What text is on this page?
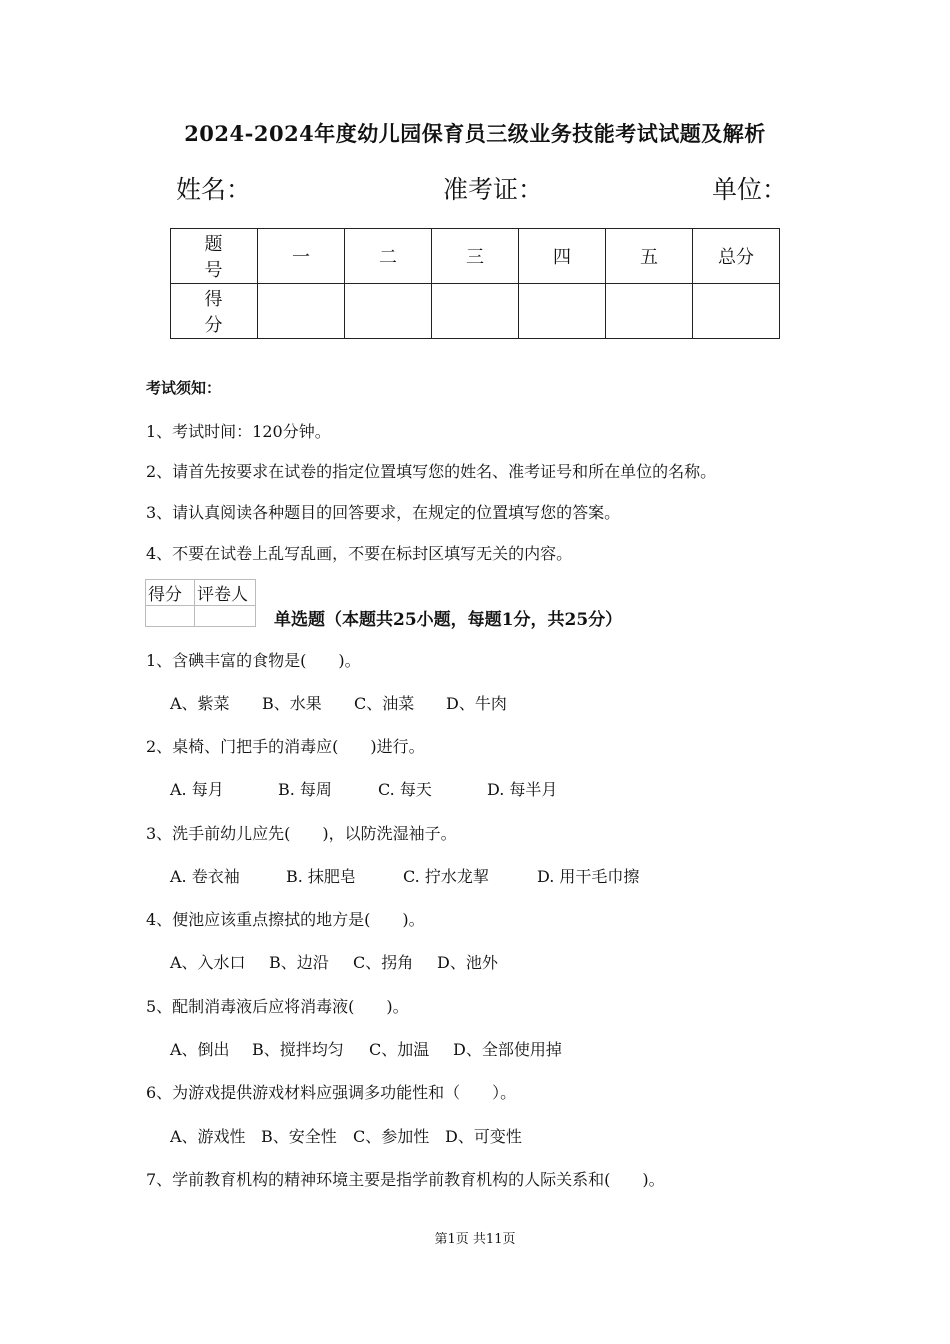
2024-2024年度幼儿园保育员三级业务技能考试试题及解析
姓名：	准考证：	单位：
题 号	一	二	三	四	五	总分
得 分						
考试须知：
1、考试时间：120分钟。
2、请首先按要求在试卷的指定位置填写您的姓名、准考证号和所在单位的名称。
3、请认真阅读各种题目的回答要求，在规定的位置填写您的答案。
4、不要在试卷上乱写乱画，不要在标封区填写无关的内容。
得分	评卷人

单选题（本题共25小题，每题1分，共25分）
1、含碘丰富的食物是(　　)。
A、紫菜 B、水果 C、油菜 D、牛肉
2、桌椅、门把手的消毒应(　　)进行。
A. 每月	B. 每周	C. 每天	D. 每半月
3、洗手前幼儿应先(　　)，以防洗湿袖子。
A. 卷衣袖	B. 抹肥皂	C. 拧水龙挈	D. 用干毛巾擦
4、便池应该重点擦拭的地方是(　　)。
A、入水口 B、边沿 C、拐角 D、池外
5、配制消毒液后应将消毒液(　　)。
A、倒出 B、搅拌均匀 C、加温 D、全部使用掉
6、为游戏提供游戏材料应强调多功能性和（　　）。
A、游戏性 B、安全性 C、参加性 D、可变性
7、学前教育机构的精神环境主要是指学前教育机构的人际关系和(　　)。
第1页 共11页
